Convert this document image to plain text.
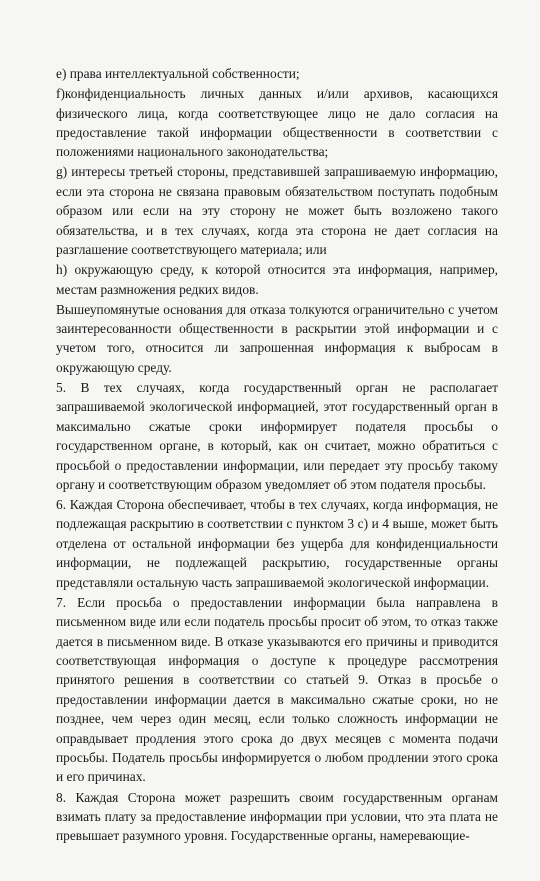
е) права интеллектуальной собственности;

f)конфиденциальность личных данных и/или архивов, касающихся физического лица, когда соответствующее лицо не дало согласия на предоставление такой информации общественности в соответствии с положениями национального законодательства;

g) интересы третьей стороны, представившей запрашиваемую информацию, если эта сторона не связана правовым обязательством поступать подобным образом или если на эту сторону не может быть возложено такого обязательства, и в тех случаях, когда эта сторона не дает согласия на разглашение соответствующего материала; или

h) окружающую среду, к которой относится эта информация, например, местам размножения редких видов.

Вышеупомянутые основания для отказа толкуются ограничительно с учетом заинтересованности общественности в раскрытии этой информации и с учетом того, относится ли запрошенная информация к выбросам в окружающую среду.

5. В тех случаях, когда государственный орган не располагает запрашиваемой экологической информацией, этот государственный орган в максимально сжатые сроки информирует подателя просьбы о государственном органе, в который, как он считает, можно обратиться с просьбой о предоставлении информации, или передает эту просьбу такому органу и соответствующим образом уведомляет об этом подателя просьбы.

6. Каждая Сторона обеспечивает, чтобы в тех случаях, когда информация, не подлежащая раскрытию в соответствии с пунктом 3 с) и 4 выше, может быть отделена от остальной информации без ущерба для конфиденциальности информации, не подлежащей раскрытию, государственные органы представляли остальную часть запрашиваемой экологической информации.

7. Если просьба о предоставлении информации была направлена в письменном виде или если податель просьбы просит об этом, то отказ также дается в письменном виде. В отказе указываются его причины и приводится соответствующая информация о доступе к процедуре рассмотрения принятого решения в соответствии со статьей 9. Отказ в просьбе о предоставлении информации дается в максимально сжатые сроки, но не позднее, чем через один месяц, если только сложность информации не оправдывает продления этого срока до двух месяцев с момента подачи просьбы. Податель просьбы информируется о любом продлении этого срока и его причинах.

8. Каждая Сторона может разрешить своим государственным органам взимать плату за предоставление информации при условии, что эта плата не превышает разумного уровня. Государственные органы, намеревающие-
